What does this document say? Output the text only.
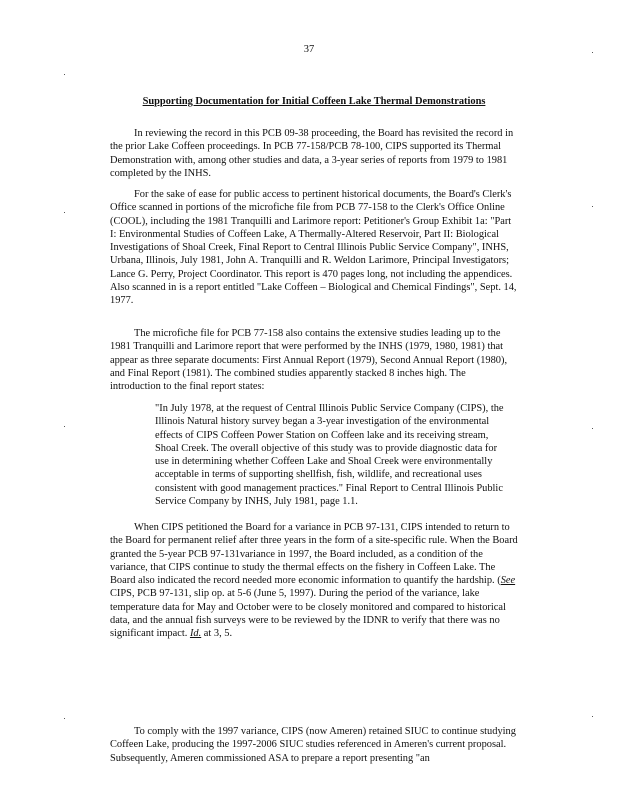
37
Supporting Documentation for Initial Coffeen Lake Thermal Demonstrations

In reviewing the record in this PCB 09-38 proceeding, the Board has revisited the record in the prior Lake Coffeen proceedings. In PCB 77-158/PCB 78-100, CIPS supported its Thermal Demonstration with, among other studies and data, a 3-year series of reports from 1979 to 1981 completed by the INHS.

For the sake of ease for public access to pertinent historical documents, the Board's Clerk's Office scanned in portions of the microfiche file from PCB 77-158 to the Clerk's Office Online (COOL), including the 1981 Tranquilli and Larimore report: Petitioner's Group Exhibit 1a: "Part I: Environmental Studies of Coffeen Lake, A Thermally-Altered Reservoir, Part II: Biological Investigations of Shoal Creek, Final Report to Central Illinois Public Service Company", INHS, Urbana, Illinois, July 1981, John A. Tranquilli and R. Weldon Larimore, Principal Investigators; Lance G. Perry, Project Coordinator. This report is 470 pages long, not including the appendices. Also scanned in is a report entitled "Lake Coffeen – Biological and Chemical Findings", Sept. 14, 1977.

The microfiche file for PCB 77-158 also contains the extensive studies leading up to the 1981 Tranquilli and Larimore report that were performed by the INHS (1979, 1980, 1981) that appear as three separate documents: First Annual Report (1979), Second Annual Report (1980), and Final Report (1981). The combined studies apparently stacked 8 inches high. The introduction to the final report states:

"In July 1978, at the request of Central Illinois Public Service Company (CIPS), the Illinois Natural history survey began a 3-year investigation of the environmental effects of CIPS Coffeen Power Station on Coffeen lake and its receiving stream, Shoal Creek. The overall objective of this study was to provide diagnostic data for use in determining whether Coffeen Lake and Shoal Creek were environmentally acceptable in terms of supporting shellfish, fish, wildlife, and recreational uses consistent with good management practices." Final Report to Central Illinois Public Service Company by INHS, July 1981, page 1.1.

When CIPS petitioned the Board for a variance in PCB 97-131, CIPS intended to return to the Board for permanent relief after three years in the form of a site-specific rule. When the Board granted the 5-year PCB 97-131variance in 1997, the Board included, as a condition of the variance, that CIPS continue to study the thermal effects on the fishery in Coffeen Lake. The Board also indicated the record needed more economic information to quantify the hardship. (See CIPS, PCB 97-131, slip op. at 5-6 (June 5, 1997). During the period of the variance, lake temperature data for May and October were to be closely monitored and compared to historical data, and the annual fish surveys were to be reviewed by the IDNR to verify that there was no significant impact. Id. at 3, 5.

To comply with the 1997 variance, CIPS (now Ameren) retained SIUC to continue studying Coffeen Lake, producing the 1997-2006 SIUC studies referenced in Ameren's current proposal. Subsequently, Ameren commissioned ASA to prepare a report presenting "an
